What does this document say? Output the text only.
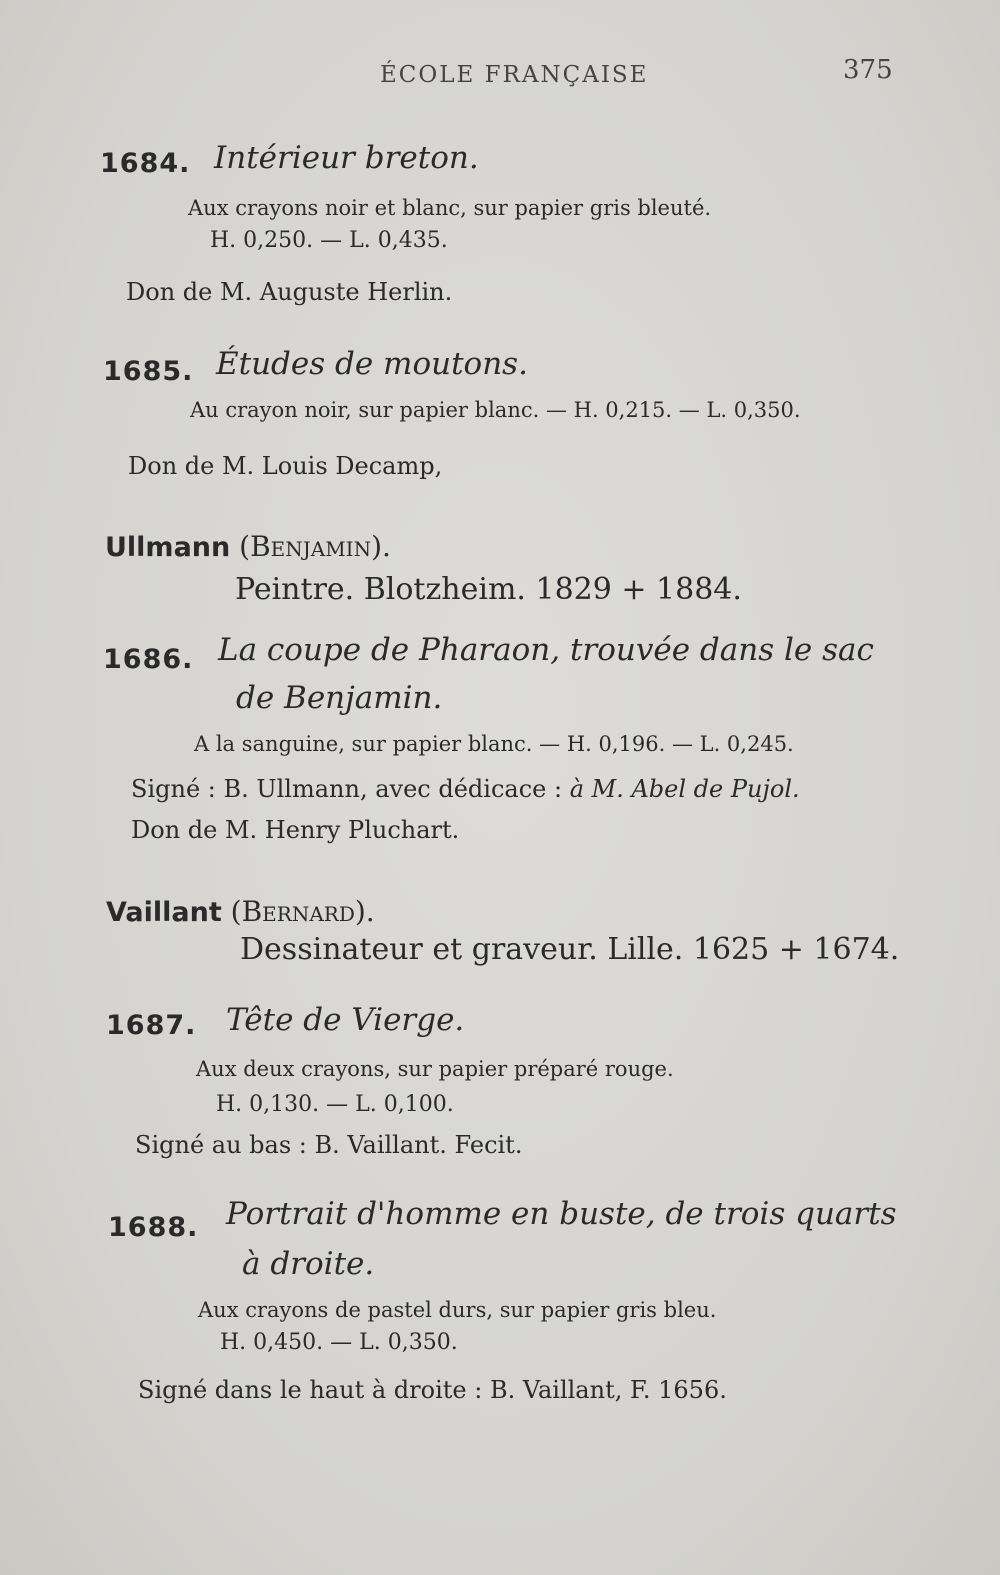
ÉCOLE FRANÇAISE	375
1684. Intérieur breton.
Aux crayons noir et blanc, sur papier gris bleuté.
H. 0,250. — L. 0,435.
Don de M. Auguste Herlin.
1685. Études de moutons.
Au crayon noir, sur papier blanc. — H. 0,215. — L. 0,350.
Don de M. Louis Decamp,
Ullmann (Benjamin).
Peintre. Blotzheim. 1829 + 1884.
1686. La coupe de Pharaon, trouvée dans le sac
de Benjamin.
A la sanguine, sur papier blanc. — H. 0,196. — L. 0,245.
Signé : B. Ullmann, avec dédicace : à M. Abel de Pujol.
Don de M. Henry Pluchart.
Vaillant (Bernard).
Dessinateur et graveur. Lille. 1625 + 1674.
1687. Tête de Vierge.
Aux deux crayons, sur papier préparé rouge.
H. 0,130. — L. 0,100.
Signé au bas : B. Vaillant. Fecit.
1688. Portrait d'homme en buste, de trois quarts
à droite.
Aux crayons de pastel durs, sur papier gris bleu.
H. 0,450. — L. 0,350.
Signé dans le haut à droite : B. Vaillant, F. 1656.
